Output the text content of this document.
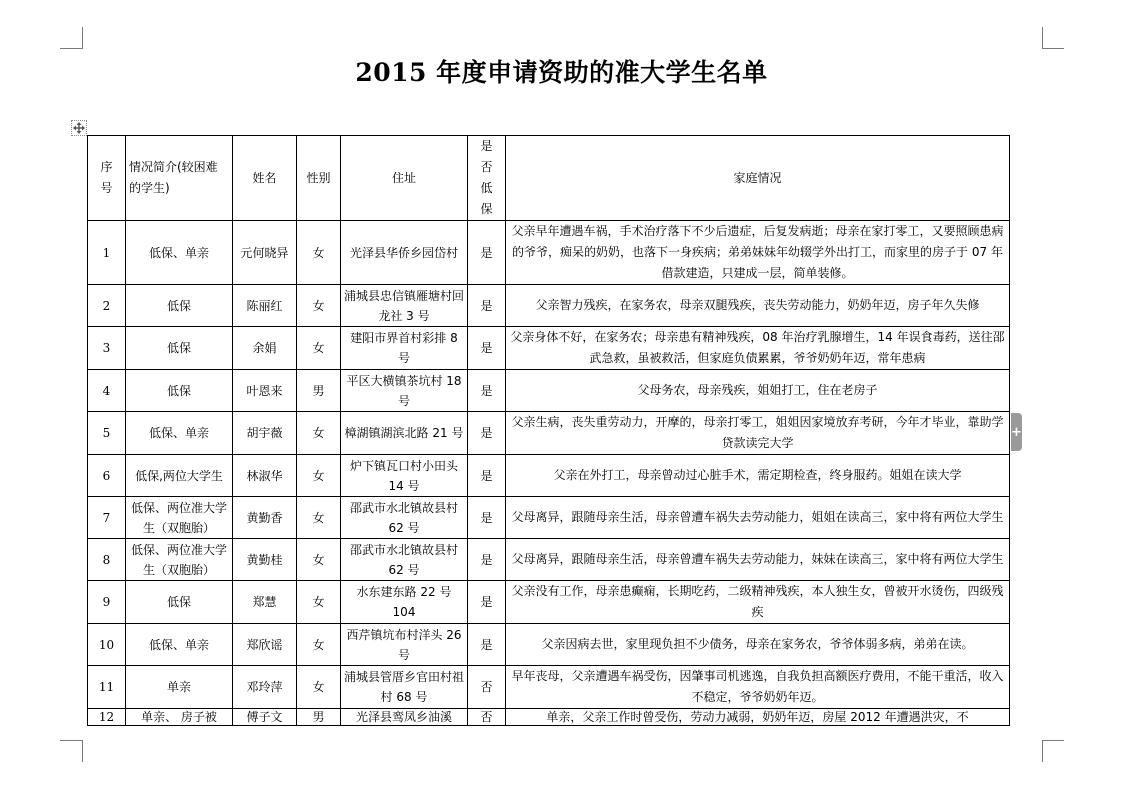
2015 年度申请资助的准大学生名单
+
序号	情况简介(较困难的学生)	姓名	性别	住址	是否低保	家庭情况
1	低保、单亲	元何晓异	女	光泽县华侨乡园岱村	是	父亲早年遭遇车祸，手术治疗落下不少后遗症，后复发病逝；母亲在家打零工，又要照顾患病的爷爷，痴呆的奶奶，也落下一身疾病；弟弟妹妹年幼辍学外出打工，而家里的房子于 07 年借款建造，只建成一层，简单装修。
2	低保	陈丽红	女	浦城县忠信镇雁塘村回龙社 3 号	是	父亲智力残疾，在家务农，母亲双腿残疾，丧失劳动能力，奶奶年迈，房子年久失修
3	低保	余娟	女	建阳市界首村彩排 8 号	是	父亲身体不好，在家务农；母亲患有精神残疾，08 年治疗乳腺增生，14 年误食毒药，送往邵武急救，虽被救活，但家庭负债累累，爷爷奶奶年迈，常年患病
4	低保	叶恩来	男	平区大横镇茶坑村 18 号	是	父母务农，母亲残疾，姐姐打工，住在老房子
5	低保、单亲	胡宇薇	女	樟湖镇湖滨北路 21 号	是	父亲生病，丧失重劳动力，开摩的，母亲打零工，姐姐因家境放弃考研，今年才毕业，靠助学贷款读完大学
6	低保,两位大学生	林淑华	女	炉下镇瓦口村小田头 14 号	是	父亲在外打工，母亲曾动过心脏手术，需定期检查，终身服药。姐姐在读大学
7	低保、两位准大学生（双胞胎）	黄勤香	女	邵武市水北镇故县村 62 号	是	父母离异，跟随母亲生活，母亲曾遭车祸失去劳动能力，姐姐在读高三，家中将有两位大学生
8	低保、两位准大学生（双胞胎）	黄勤桂	女	邵武市水北镇故县村 62 号	是	父母离异，跟随母亲生活，母亲曾遭车祸失去劳动能力，妹妹在读高三，家中将有两位大学生
9	低保	郑慧	女	水东建东路 22 号 104	是	父亲没有工作，母亲患癫痫，长期吃药，二级精神残疾，本人独生女，曾被开水烫伤，四级残疾
10	低保、单亲	郑欣谣	女	西芹镇坑布村洋头 26 号	是	父亲因病去世，家里现负担不少债务，母亲在家务农，爷爷体弱多病，弟弟在读。
11	单亲	邓玲萍	女	浦城县管厝乡官田村祖村 68 号	否	早年丧母，父亲遭遇车祸受伤，因肇事司机逃逸，自我负担高额医疗费用，不能干重活，收入不稳定，爷爷奶奶年迈。
12	单亲、 房子被	傅子文	男	光泽县鸾凤乡油溪	否	单亲，父亲工作时曾受伤，劳动力减弱，奶奶年迈，房屋 2012 年遭遇洪灾，不
